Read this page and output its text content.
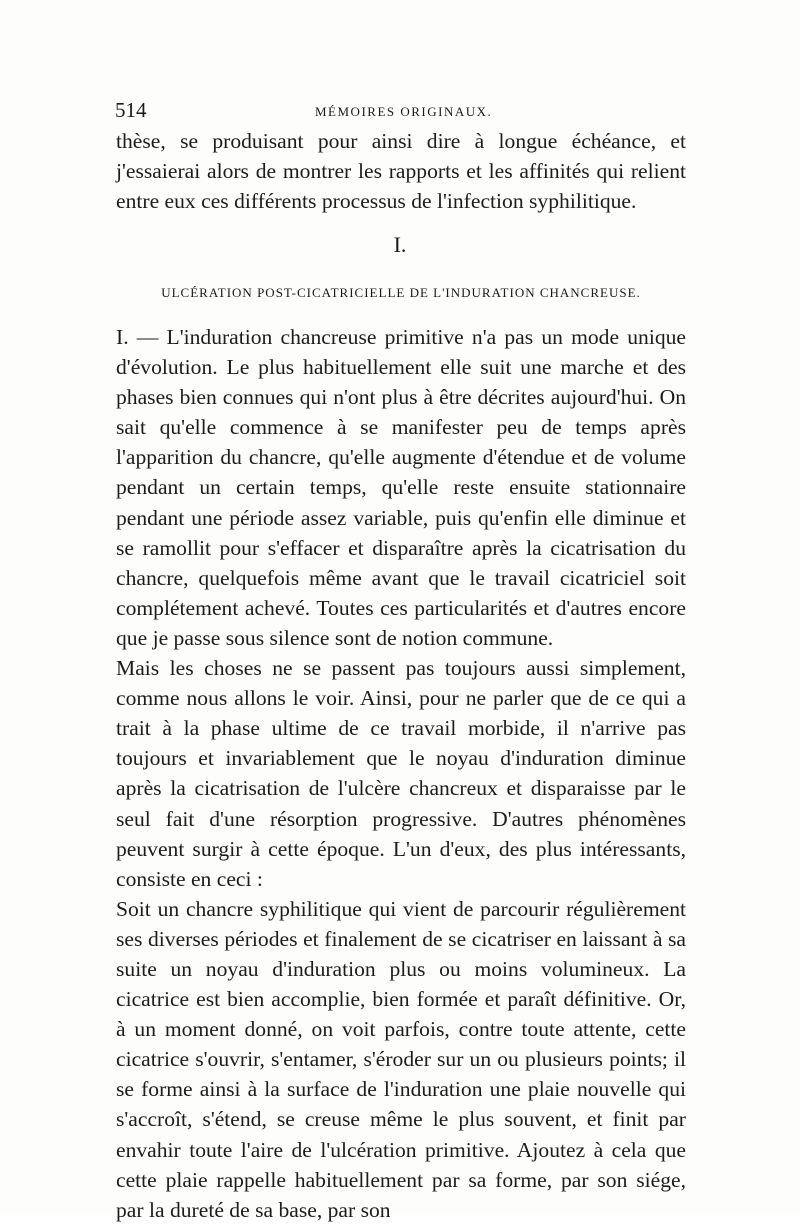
514	MÉMOIRES ORIGINAUX.

thèse, se produisant pour ainsi dire à longue échéance, et j'essaierai alors de montrer les rapports et les affinités qui relient entre eux ces différents processus de l'infection syphilitique.

I.
ULCÉRATION POST-CICATRICIELLE DE L'INDURATION CHANCREUSE.

I. — L'induration chancreuse primitive n'a pas un mode unique d'évolution. Le plus habituellement elle suit une marche et des phases bien connues qui n'ont plus à être décrites aujourd'hui. On sait qu'elle commence à se manifester peu de temps après l'apparition du chancre, qu'elle augmente d'étendue et de volume pendant un certain temps, qu'elle reste ensuite stationnaire pendant une période assez variable, puis qu'enfin elle diminue et se ramollit pour s'effacer et disparaître après la cicatrisation du chancre, quelquefois même avant que le travail cicatriciel soit complétement achevé. Toutes ces particularités et d'autres encore que je passe sous silence sont de notion commune.

Mais les choses ne se passent pas toujours aussi simplement, comme nous allons le voir. Ainsi, pour ne parler que de ce qui a trait à la phase ultime de ce travail morbide, il n'arrive pas toujours et invariablement que le noyau d'induration diminue après la cicatrisation de l'ulcère chancreux et disparaisse par le seul fait d'une résorption progressive. D'autres phénomènes peuvent surgir à cette époque. L'un d'eux, des plus intéressants, consiste en ceci :

Soit un chancre syphilitique qui vient de parcourir régulièrement ses diverses périodes et finalement de se cicatriser en laissant à sa suite un noyau d'induration plus ou moins volumineux. La cicatrice est bien accomplie, bien formée et paraît définitive. Or, à un moment donné, on voit parfois, contre toute attente, cette cicatrice s'ouvrir, s'entamer, s'éroder sur un ou plusieurs points; il se forme ainsi à la surface de l'induration une plaie nouvelle qui s'accroît, s'étend, se creuse même le plus souvent, et finit par envahir toute l'aire de l'ulcération primitive. Ajoutez à cela que cette plaie rappelle habituellement par sa forme, par son siége, par la dureté de sa base, par son
